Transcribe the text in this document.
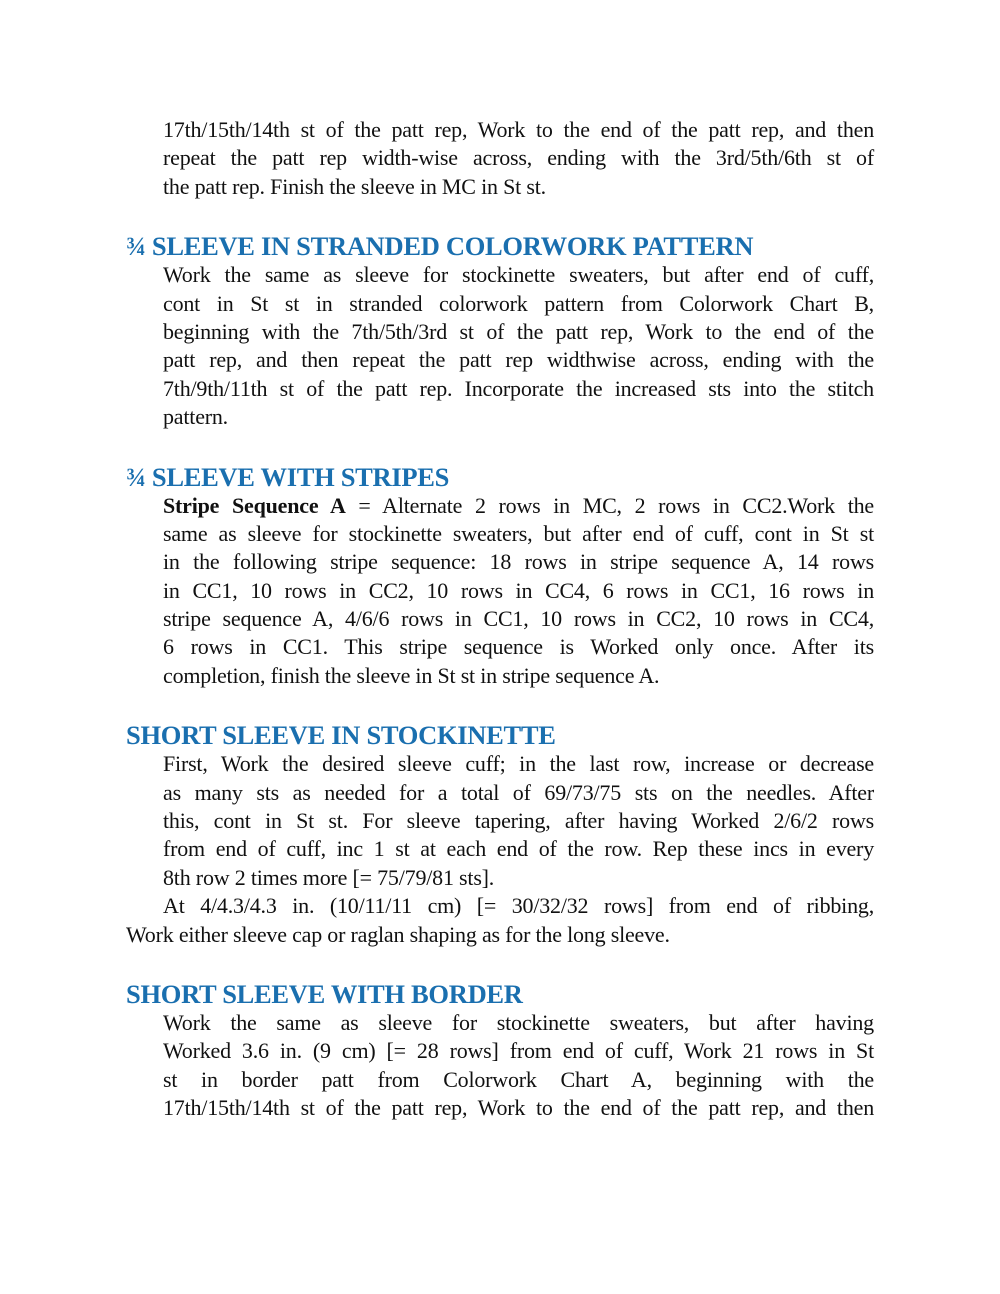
17th/15th/14th st of the patt rep, Work to the end of the patt rep, and then
repeat the patt rep width-wise across, ending with the 3rd/5th/6th st of
the patt rep. Finish the sleeve in MC in St st.
¾ SLEEVE IN STRANDED COLORWORK PATTERN
Work the same as sleeve for stockinette sweaters, but after end of cuff,
cont in St st in stranded colorwork pattern from Colorwork Chart B,
beginning with the 7th/5th/3rd st of the patt rep, Work to the end of the
patt rep, and then repeat the patt rep widthwise across, ending with the
7th/9th/11th st of the patt rep. Incorporate the increased sts into the stitch
pattern.
¾ SLEEVE WITH STRIPES
Stripe Sequence A = Alternate 2 rows in MC, 2 rows in CC2.Work the
same as sleeve for stockinette sweaters, but after end of cuff, cont in St st
in the following stripe sequence: 18 rows in stripe sequence A, 14 rows
in CC1, 10 rows in CC2, 10 rows in CC4, 6 rows in CC1, 16 rows in
stripe sequence A, 4/6/6 rows in CC1, 10 rows in CC2, 10 rows in CC4,
6 rows in CC1. This stripe sequence is Worked only once. After its
completion, finish the sleeve in St st in stripe sequence A.
SHORT SLEEVE IN STOCKINETTE
First, Work the desired sleeve cuff; in the last row, increase or decrease
as many sts as needed for a total of 69/73/75 sts on the needles. After
this, cont in St st. For sleeve tapering, after having Worked 2/6/2 rows
from end of cuff, inc 1 st at each end of the row. Rep these incs in every
8th row 2 times more [= 75/79/81 sts].
At 4/4.3/4.3 in. (10/11/11 cm) [= 30/32/32 rows] from end of ribbing,
Work either sleeve cap or raglan shaping as for the long sleeve.
SHORT SLEEVE WITH BORDER
Work the same as sleeve for stockinette sweaters, but after having
Worked 3.6 in. (9 cm) [= 28 rows] from end of cuff, Work 21 rows in St
st in border patt from Colorwork Chart A, beginning with the
17th/15th/14th st of the patt rep, Work to the end of the patt rep, and then
